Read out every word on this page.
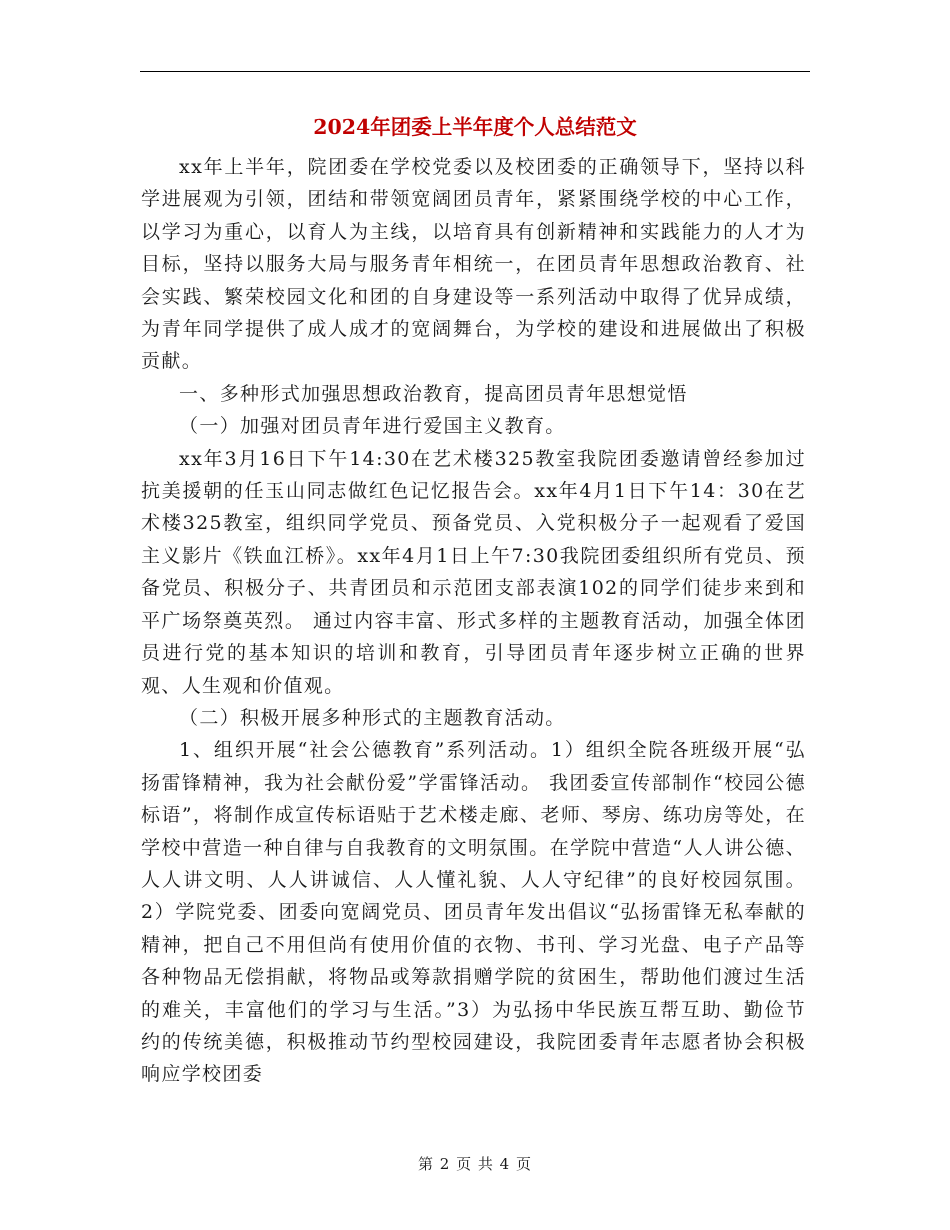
2024年团委上半年度个人总结范文

xx年上半年，院团委在学校党委以及校团委的正确领导下，坚持以科学进展观为引领，团结和带领宽阔团员青年，紧紧围绕学校的中心工作，以学习为重心，以育人为主线，以培育具有创新精神和实践能力的人才为目标，坚持以服务大局与服务青年相统一，在团员青年思想政治教育、社会实践、繁荣校园文化和团的自身建设等一系列活动中取得了优异成绩，为青年同学提供了成人成才的宽阔舞台，为学校的建设和进展做出了积极贡献。

一、多种形式加强思想政治教育，提高团员青年思想觉悟

（一）加强对团员青年进行爱国主义教育。

xx年3月16日下午14:30在艺术楼325教室我院团委邀请曾经参加过抗美援朝的任玉山同志做红色记忆报告会。xx年4月1日下午14：30在艺术楼325教室，组织同学党员、预备党员、入党积极分子一起观看了爱国主义影片《铁血江桥》。xx年4月1日上午7:30我院团委组织所有党员、预备党员、积极分子、共青团员和示范团支部表演102的同学们徒步来到和平广场祭奠英烈。 通过内容丰富、形式多样的主题教育活动，加强全体团员进行党的基本知识的培训和教育，引导团员青年逐步树立正确的世界观、人生观和价值观。

（二）积极开展多种形式的主题教育活动。

1、组织开展“社会公德教育”系列活动。1）组织全院各班级开展“弘扬雷锋精神，我为社会献份爱”学雷锋活动。 我团委宣传部制作“校园公德标语”，将制作成宣传标语贴于艺术楼走廊、老师、琴房、练功房等处，在学校中营造一种自律与自我教育的文明氛围。在学院中营造“人人讲公德、人人讲文明、人人讲诚信、人人懂礼貌、人人守纪律”的良好校园氛围。2）学院党委、团委向宽阔党员、团员青年发出倡议“弘扬雷锋无私奉献的精神，把自己不用但尚有使用价值的衣物、书刊、学习光盘、电子产品等各种物品无偿捐献，将物品或筹款捐赠学院的贫困生，帮助他们渡过生活的难关，丰富他们的学习与生活。”3）为弘扬中华民族互帮互助、勤俭节约的传统美德，积极推动节约型校园建设，我院团委青年志愿者协会积极响应学校团委

第 2 页 共 4 页
